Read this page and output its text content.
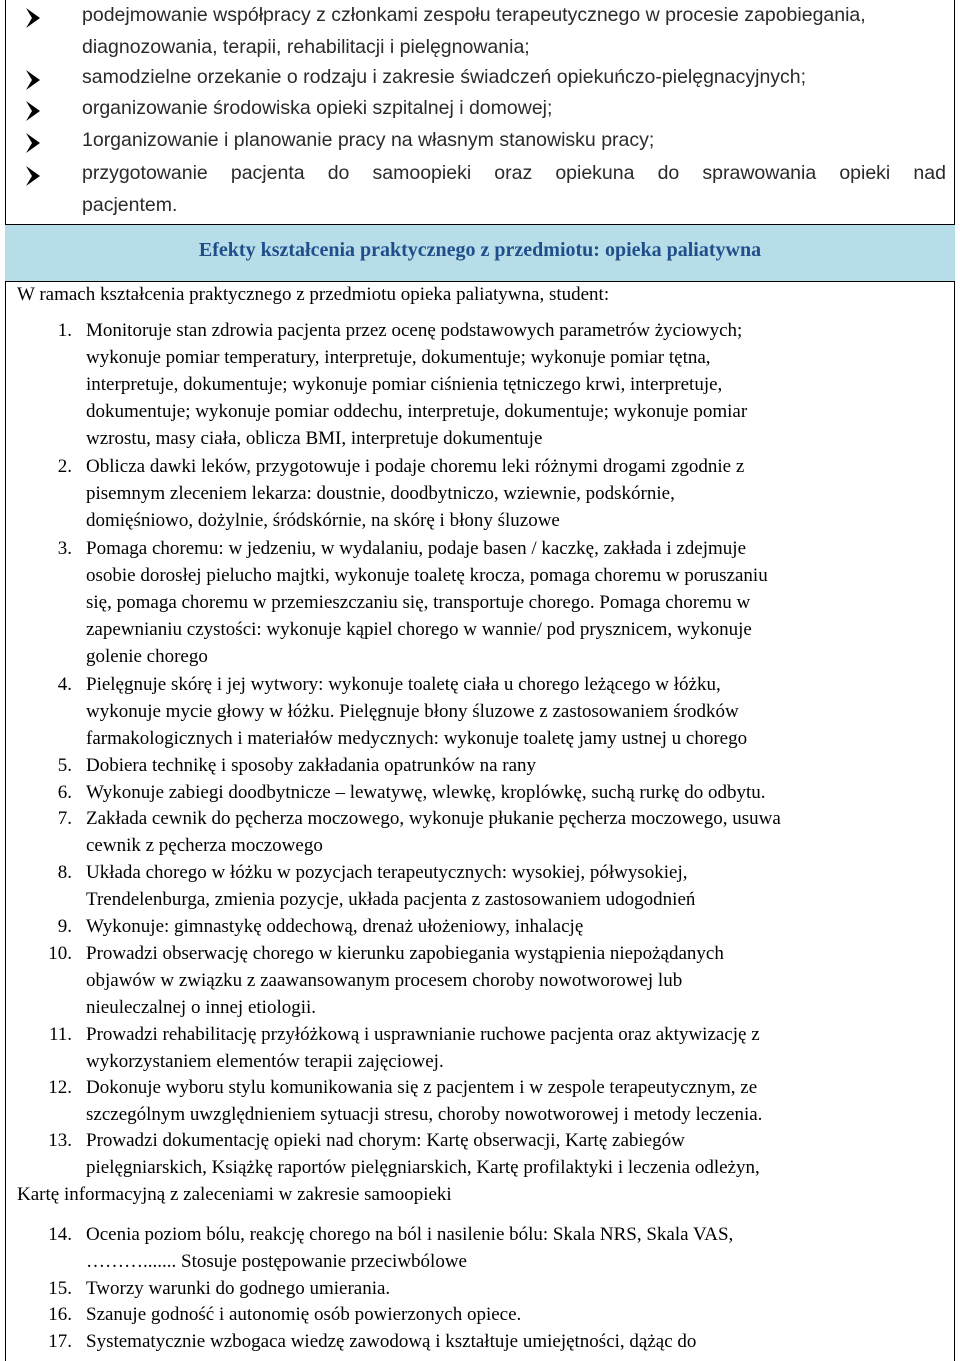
podejmowanie współpracy z członkami zespołu terapeutycznego w procesie zapobiegania,
diagnozowania, terapii, rehabilitacji i pielęgnowania;
samodzielne orzekanie o rodzaju i zakresie świadczeń opiekuńczo-pielęgnacyjnych;
organizowanie środowiska opieki szpitalnej i domowej;
1organizowanie i planowanie pracy na własnym stanowisku pracy;
przygotowanie pacjenta do samoopieki oraz opiekuna do sprawowania opieki nad
pacjentem.
Efekty kształcenia praktycznego z przedmiotu: opieka paliatywna
W ramach kształcenia praktycznego z przedmiotu opieka paliatywna, student:
1. Monitoruje stan zdrowia pacjenta przez ocenę podstawowych parametrów życiowych;
wykonuje pomiar temperatury, interpretuje, dokumentuje; wykonuje pomiar tętna,
interpretuje, dokumentuje; wykonuje pomiar ciśnienia tętniczego krwi, interpretuje,
dokumentuje; wykonuje pomiar oddechu, interpretuje, dokumentuje; wykonuje pomiar
wzrostu, masy ciała, oblicza BMI, interpretuje dokumentuje
2. Oblicza dawki leków, przygotowuje i podaje choremu leki różnymi drogami zgodnie z
pisemnym zleceniem lekarza: doustnie, doodbytniczo, wziewnie, podskórnie,
domięśniowo, dożylnie, śródskórnie, na skórę i błony śluzowe
3. Pomaga choremu: w jedzeniu, w wydalaniu, podaje basen / kaczkę, zakłada i zdejmuje
osobie dorosłej pielucho majtki, wykonuje toaletę krocza, pomaga choremu w poruszaniu
się, pomaga choremu w przemieszczaniu się, transportuje chorego. Pomaga choremu w
zapewnianiu czystości: wykonuje kąpiel chorego w wannie/ pod prysznicem, wykonuje
golenie chorego
4. Pielęgnuje skórę i jej wytwory: wykonuje toaletę ciała u chorego leżącego w łóżku,
wykonuje mycie głowy w łóżku. Pielęgnuje błony śluzowe z zastosowaniem środków
farmakologicznych i materiałów medycznych: wykonuje toaletę jamy ustnej u chorego
5. Dobiera technikę i sposoby zakładania opatrunków na rany
6. Wykonuje zabiegi doodbytnicze – lewatywę, wlewkę, kroplówkę, suchą rurkę do odbytu.
7. Zakłada cewnik do pęcherza moczowego, wykonuje płukanie pęcherza moczowego, usuwa
cewnik z pęcherza moczowego
8. Układa chorego w łóżku w pozycjach terapeutycznych: wysokiej, półwysokiej,
Trendelenburga, zmienia pozycje, układa pacjenta z zastosowaniem udogodnień
9. Wykonuje: gimnastykę oddechową, drenaż ułożeniowy, inhalację
10. Prowadzi obserwację chorego w kierunku zapobiegania wystąpienia niepożądanych
objawów w związku z zaawansowanym procesem choroby nowotworowej lub
nieuleczalnej o innej etiologii.
11. Prowadzi rehabilitację przyłóżkową i usprawnianie ruchowe pacjenta oraz aktywizację z
wykorzystaniem elementów terapii zajęciowej.
12. Dokonuje wyboru stylu komunikowania się z pacjentem i w zespole terapeutycznym, ze
szczególnym uwzględnieniem sytuacji stresu, choroby nowotworowej i metody leczenia.
13. Prowadzi dokumentację opieki nad chorym: Kartę obserwacji, Kartę zabiegów
pielęgniarskich, Książkę raportów pielęgniarskich, Kartę profilaktyki i leczenia odleżyn,
Kartę informacyjną z zaleceniami w zakresie samoopieki
14. Ocenia poziom bólu, reakcję chorego na ból i nasilenie bólu: Skala NRS, Skala VAS,
………....... Stosuje postępowanie przeciwbólowe
15. Tworzy warunki do godnego umierania.
16. Szanuje godność i autonomię osób powierzonych opiece.
17. Systematycznie wzbogaca wiedzę zawodową i kształtuje umiejętności, dążąc do
